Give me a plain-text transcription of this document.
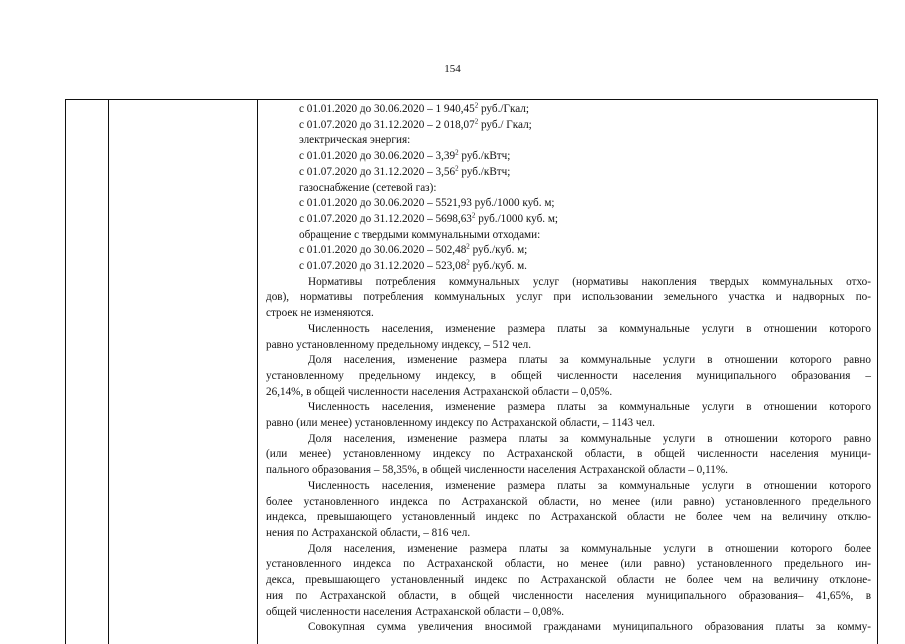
154
с 01.01.2020 до 30.06.2020 – 1 940,45$^2$ руб./Гкал;
с 01.07.2020 до 31.12.2020 – 2 018,07$^2$ руб./ Гкал;
электрическая энергия:
с 01.01.2020 до 30.06.2020 – 3,39$^2$ руб./кВтч;
с 01.07.2020 до 31.12.2020 – 3,56$^2$ руб./кВтч;
газоснабжение (сетевой газ):
с 01.01.2020 до 30.06.2020 – 5521,93 руб./1000 куб. м;
с 01.07.2020 до 31.12.2020 – 5698,63$^2$ руб./1000 куб. м;
обращение с твердыми коммунальными отходами:
с 01.01.2020 до 30.06.2020 – 502,48$^2$ руб./куб. м;
с 01.07.2020 до 31.12.2020 – 523,08$^2$ руб./куб. м.
Нормативы потребления коммунальных услуг (нормативы накопления твердых коммунальных отхо-
дов), нормативы потребления коммунальных услуг при использовании земельного участка и надворных по-
строек не изменяются.
Численность населения, изменение размера платы за коммунальные услуги в отношении которого
равно установленному предельному индексу, – 512 чел.
Доля населения, изменение размера платы за коммунальные услуги в отношении которого равно
установленному предельному индексу, в общей численности населения муниципального образования –
26,14%, в общей численности населения Астраханской области – 0,05%.
Численность населения, изменение размера платы за коммунальные услуги в отношении которого
равно (или менее) установленному индексу по Астраханской области, – 1143 чел.
Доля населения, изменение размера платы за коммунальные услуги в отношении которого равно
(или менее) установленному индексу по Астраханской области, в общей численности населения муници-
пального образования – 58,35%, в общей численности населения Астраханской области – 0,11%.
Численность населения, изменение размера платы за коммунальные услуги в отношении которого
более установленного индекса по Астраханской области, но менее (или равно) установленного предельного
индекса, превышающего установленный индекс по Астраханской области не более чем на величину отклю-
нения по Астраханской области, – 816 чел.
Доля населения, изменение размера платы за коммунальные услуги в отношении которого более
установленного индекса по Астраханской области, но менее (или равно) установленного предельного ин-
декса, превышающего установленный индекс по Астраханской области не более чем на величину отклоне-
ния по Астраханской области, в общей численности населения муниципального образования– 41,65%, в
общей численности населения Астраханской области – 0,08%.
Совокупная сумма увеличения вносимой гражданами муниципального образования платы за комму-
